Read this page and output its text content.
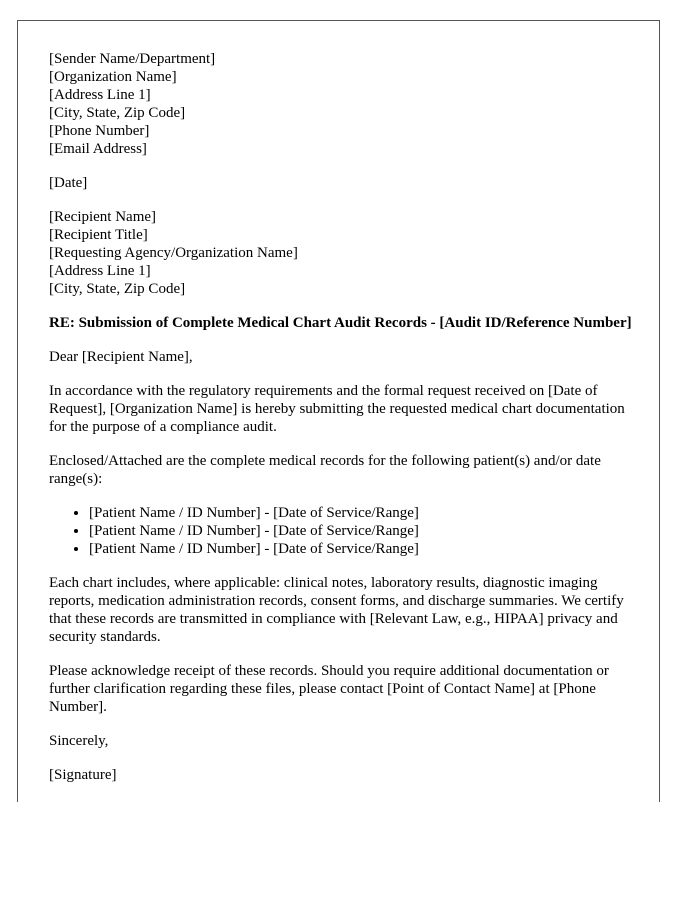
[Sender Name/Department]
[Organization Name]
[Address Line 1]
[City, State, Zip Code]
[Phone Number]
[Email Address]
[Date]
[Recipient Name]
[Recipient Title]
[Requesting Agency/Organization Name]
[Address Line 1]
[City, State, Zip Code]
RE: Submission of Complete Medical Chart Audit Records - [Audit ID/Reference Number]

Dear [Recipient Name],

In accordance with the regulatory requirements and the formal request received on [Date of Request], [Organization Name] is hereby submitting the requested medical chart documentation for the purpose of a compliance audit.

Enclosed/Attached are the complete medical records for the following patient(s) and/or date range(s):

• [Patient Name / ID Number] - [Date of Service/Range]
• [Patient Name / ID Number] - [Date of Service/Range]
• [Patient Name / ID Number] - [Date of Service/Range]

Each chart includes, where applicable: clinical notes, laboratory results, diagnostic imaging reports, medication administration records, consent forms, and discharge summaries. We certify that these records are transmitted in compliance with [Relevant Law, e.g., HIPAA] privacy and security standards.

Please acknowledge receipt of these records. Should you require additional documentation or further clarification regarding these files, please contact [Point of Contact Name] at [Phone Number].

Sincerely,

[Signature]
